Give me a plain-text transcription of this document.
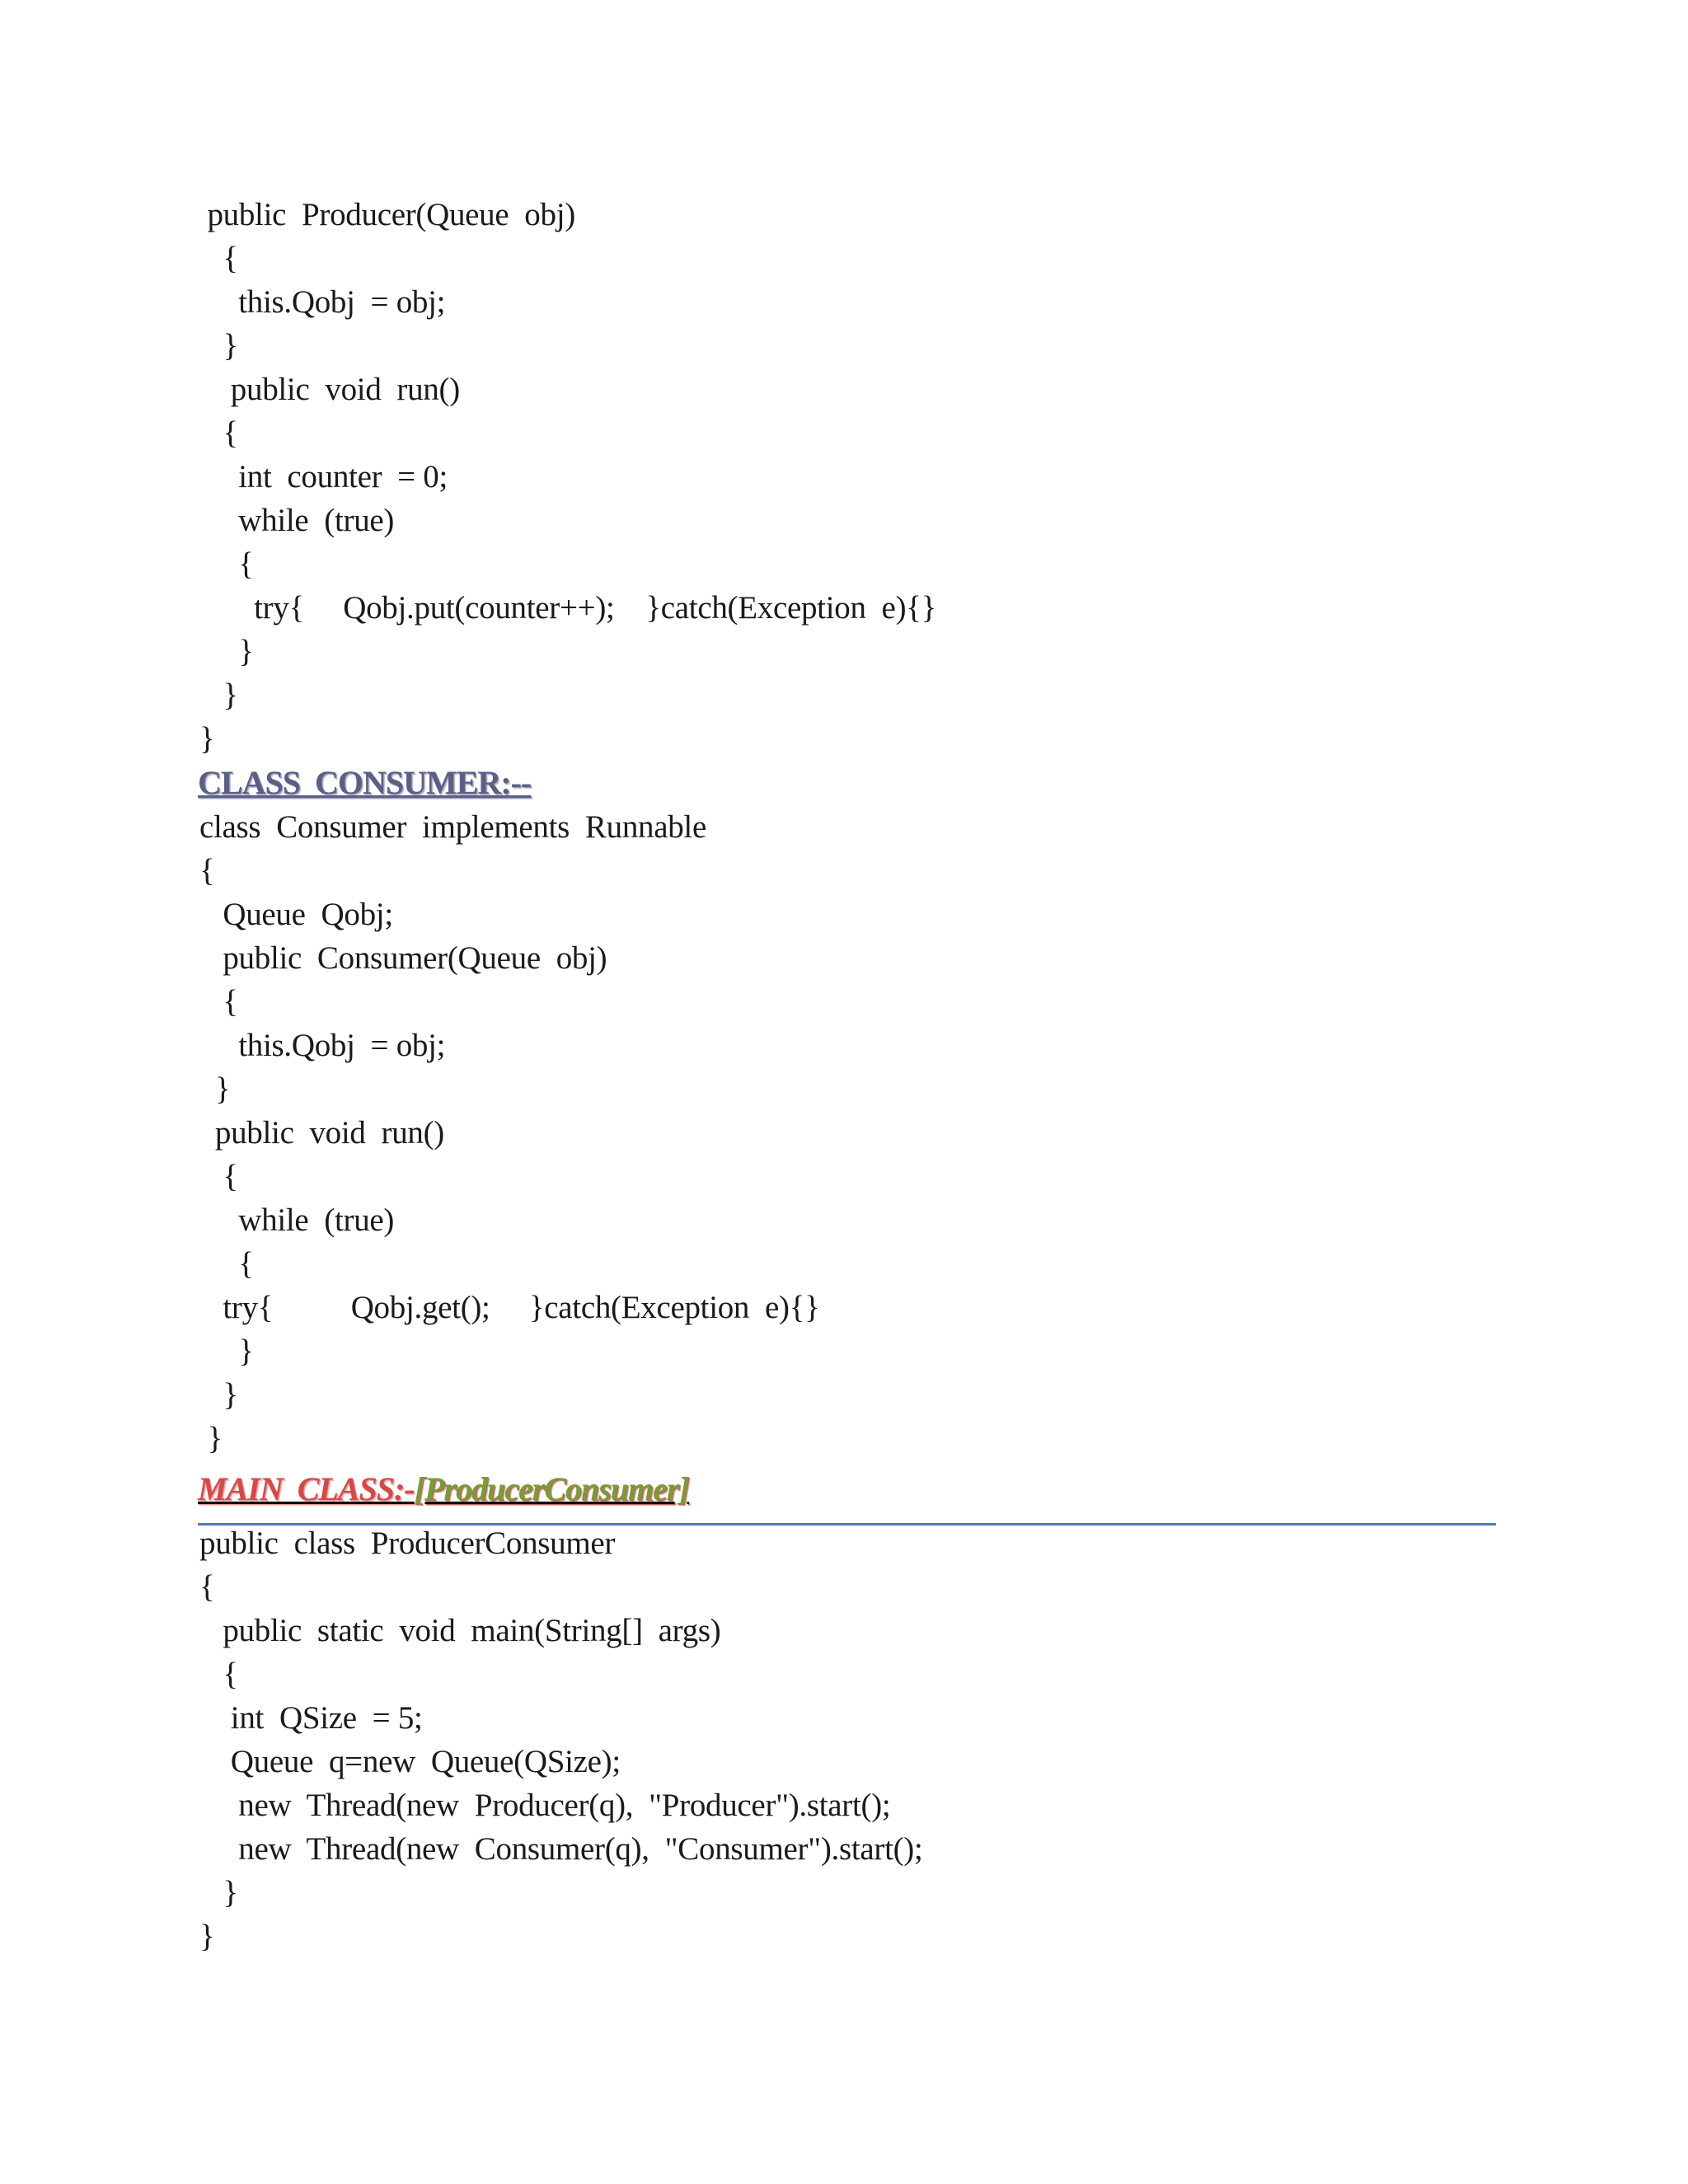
public  Producer(Queue  obj)
{
this.Qobj  = obj;
}
public  void  run()
{
int  counter  = 0;
while  (true)
{
try{     Qobj.put(counter++);    }catch(Exception  e){}
}
}
}
CLASS  CONSUMER:--
class  Consumer  implements  Runnable
{
Queue  Qobj;
public  Consumer(Queue  obj)
{
this.Qobj  = obj;
}
public  void  run()
{
while  (true)
{
try{          Qobj.get();     }catch(Exception  e){}
}
}
}
MAIN  CLASS:-[ProducerConsumer]
public  class  ProducerConsumer
{
public  static  void  main(String[]  args)
{
int  QSize  = 5;
Queue  q=new  Queue(QSize);
new  Thread(new  Producer(q),  "Producer").start();
new  Thread(new  Consumer(q),  "Consumer").start();
}
}
